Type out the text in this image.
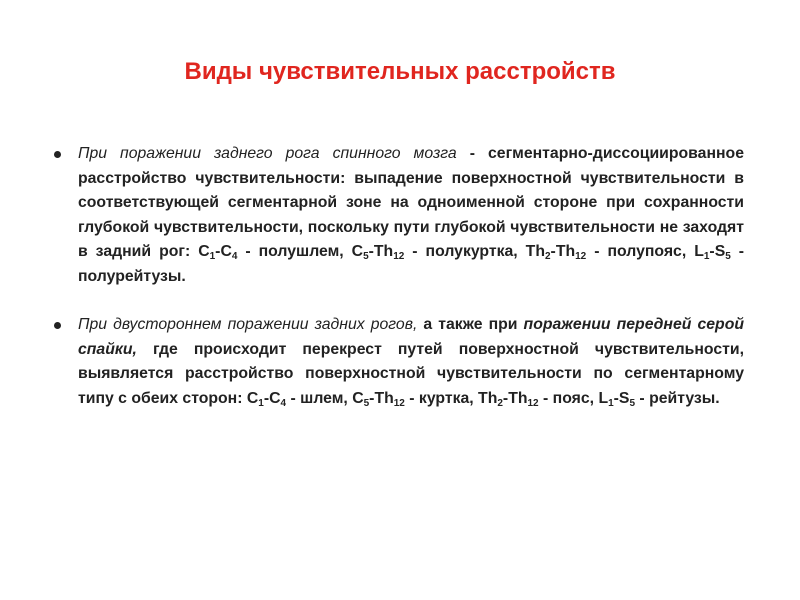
Виды чувствительных расстройств
При поражении заднего рога спинного мозга - сегментарно-диссоциированное расстройство чувствительности: выпадение поверхностной чувствительности в соответствующей сегментарной зоне на одноименной стороне при сохранности глубокой чувствительности, поскольку пути глубокой чувствительности не заходят в задний рог: $С_1-С_4$ - полушлем, $C_5-Th_{12}$ - полукуртка, $Th_2-Th_{12}$ - полупояс, $L_1-S_5$ - полурейтузы.
При двустороннем поражении задних рогов, а также при поражении передней серой спайки, где происходит перекрест путей поверхностной чувствительности, выявляется расстройство поверхностной чувствительности по сегментарному типу с обеих сторон: $С_1-С_4$ - шлем, $C_5-Th_{12}$ - куртка, $Th_2-Th_{12}$ - пояс, $L_1-S_5$ - рейтузы.
